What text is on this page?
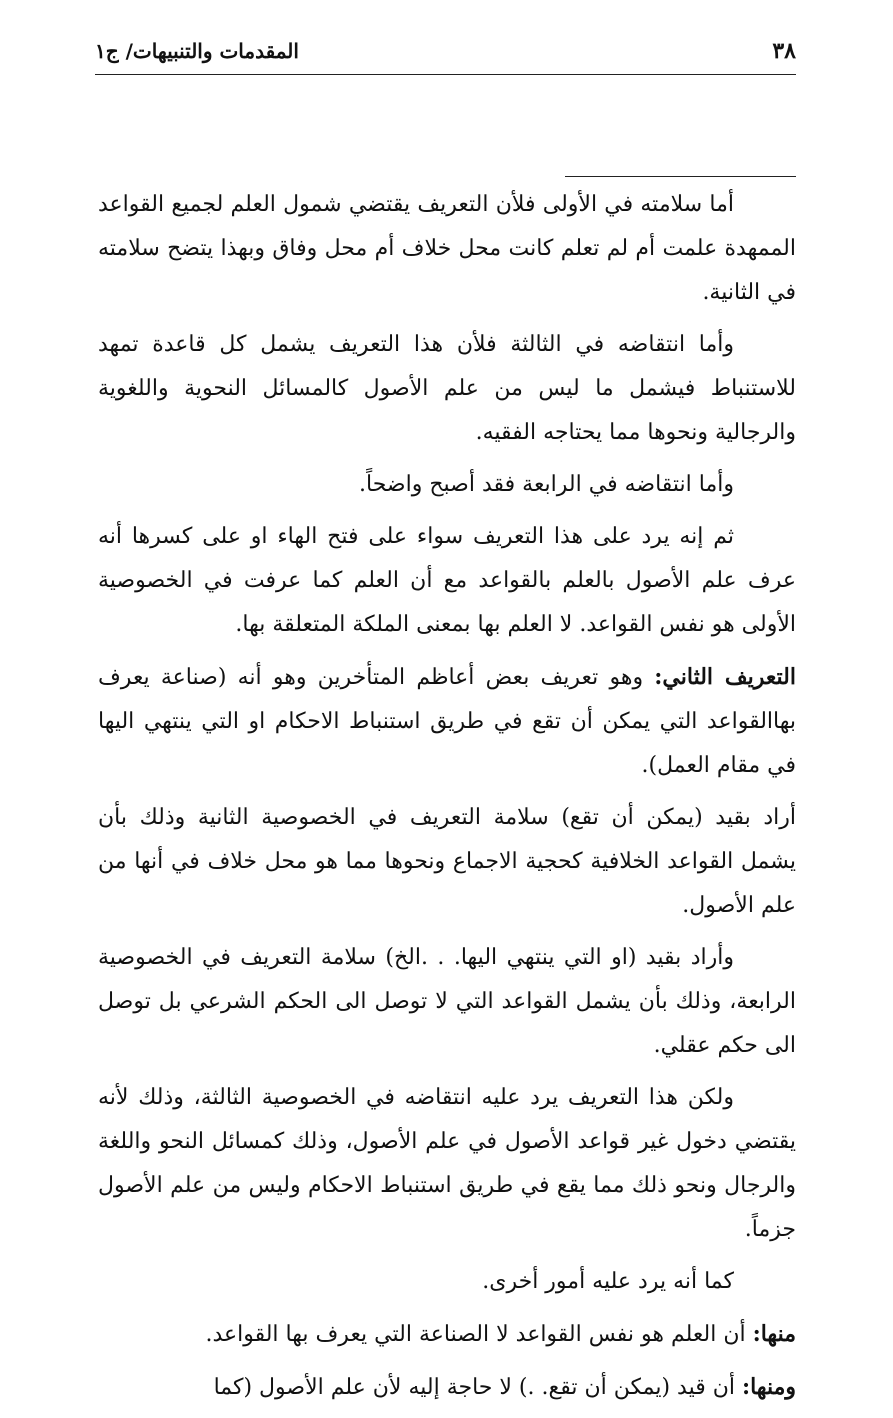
المقدمات والتنبيهات/ ج١	٣٨

أما سلامته في الأولى فلأن التعريف يقتضي شمول العلم لجميع القواعد الممهدة علمت أم لم تعلم كانت محل خلاف أم محل وفاق وبهذا يتضح سلامته في الثانية.

وأما انتقاضه في الثالثة فلأن هذا التعريف يشمل كل قاعدة تمهد للاستنباط فيشمل ما ليس من علم الأصول كالمسائل النحوية واللغوية والرجالية ونحوها مما يحتاجه الفقيه.

وأما انتقاضه في الرابعة فقد أصبح واضحاً.

ثم إنه يرد على هذا التعريف سواء على فتح الهاء او على كسرها أنه عرف علم الأصول بالعلم بالقواعد مع أن العلم كما عرفت في الخصوصية الأولى هو نفس القواعد. لا العلم بها بمعنى الملكة المتعلقة بها.

التعريف الثاني: وهو تعريف بعض أعاظم المتأخرين وهو أنه (صناعة يعرف بهاالقواعد التي يمكن أن تقع في طريق استنباط الاحكام او التي ينتهي اليها في مقام العمل).

أراد بقيد (يمكن أن تقع) سلامة التعريف في الخصوصية الثانية وذلك بأن يشمل القواعد الخلافية كحجية الاجماع ونحوها مما هو محل خلاف في أنها من علم الأصول.

وأراد بقيد (او التي ينتهي اليها. . .الخ) سلامة التعريف في الخصوصية الرابعة، وذلك بأن يشمل القواعد التي لا توصل الى الحكم الشرعي بل توصل الى حكم عقلي.

ولكن هذا التعريف يرد عليه انتقاضه في الخصوصية الثالثة، وذلك لأنه يقتضي دخول غير قواعد الأصول في علم الأصول، وذلك كمسائل النحو واللغة والرجال ونحو ذلك مما يقع في طريق استنباط الاحكام وليس من علم الأصول جزماً.

كما أنه يرد عليه أمور أخرى.

منها: أن العلم هو نفس القواعد لا الصناعة التي يعرف بها القواعد.

ومنها: أن قيد (يمكن أن تقع. .) لا حاجة إليه لأن علم الأصول (كما
